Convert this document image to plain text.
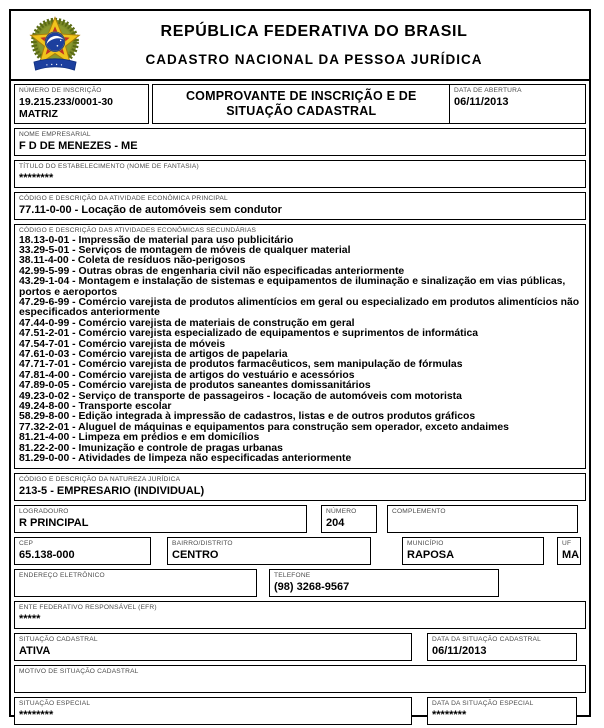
REPÚBLICA FEDERATIVA DO BRASIL
CADASTRO NACIONAL DA PESSOA JURÍDICA
NÚMERO DE INSCRIÇÃO
19.215.233/0001-30
MATRIZ
COMPROVANTE DE INSCRIÇÃO E DE SITUAÇÃO CADASTRAL
DATA DE ABERTURA
06/11/2013
NOME EMPRESARIAL
F D DE MENEZES - ME
TÍTULO DO ESTABELECIMENTO (NOME DE FANTASIA)
********
CÓDIGO E DESCRIÇÃO DA ATIVIDADE ECONÔMICA PRINCIPAL
77.11-0-00 - Locação de automóveis sem condutor
CÓDIGO E DESCRIÇÃO DAS ATIVIDADES ECONÔMICAS SECUNDÁRIAS
18.13-0-01 - Impressão de material para uso publicitário
33.29-5-01 - Serviços de montagem de móveis de qualquer material
38.11-4-00 - Coleta de resíduos não-perigosos
42.99-5-99 - Outras obras de engenharia civil não especificadas anteriormente
43.29-1-04 - Montagem e instalação de sistemas e equipamentos de iluminação e sinalização em vias públicas, portos e aeroportos
47.29-6-99 - Comércio varejista de produtos alimentícios em geral ou especializado em produtos alimentícios não especificados anteriormente
47.44-0-99 - Comércio varejista de materiais de construção em geral
47.51-2-01 - Comércio varejista especializado de equipamentos e suprimentos de informática
47.54-7-01 - Comércio varejista de móveis
47.61-0-03 - Comércio varejista de artigos de papelaria
47.71-7-01 - Comércio varejista de produtos farmacêuticos, sem manipulação de fórmulas
47.81-4-00 - Comércio varejista de artigos do vestuário e acessórios
47.89-0-05 - Comércio varejista de produtos saneantes domissanitários
49.23-0-02 - Serviço de transporte de passageiros - locação de automóveis com motorista
49.24-8-00 - Transporte escolar
58.29-8-00 - Edição integrada à impressão de cadastros, listas e de outros produtos gráficos
77.32-2-01 - Aluguel de máquinas e equipamentos para construção sem operador, exceto andaimes
81.21-4-00 - Limpeza em prédios e em domicílios
81.22-2-00 - Imunização e controle de pragas urbanas
81.29-0-00 - Atividades de limpeza não especificadas anteriormente
CÓDIGO E DESCRIÇÃO DA NATUREZA JURÍDICA
213-5 - EMPRESARIO (INDIVIDUAL)
LOGRADOURO
R PRINCIPAL
NÚMERO
204
COMPLEMENTO
CEP
65.138-000
BAIRRO/DISTRITO
CENTRO
MUNICÍPIO
RAPOSA
UF
MA
ENDEREÇO ELETRÔNICO	TELEFONE
(98) 3268-9567
ENTE FEDERATIVO RESPONSÁVEL (EFR)
*****
SITUAÇÃO CADASTRAL
ATIVA
DATA DA SITUAÇÃO CADASTRAL
06/11/2013
MOTIVO DE SITUAÇÃO CADASTRAL
SITUAÇÃO ESPECIAL
********
DATA DA SITUAÇÃO ESPECIAL
********
